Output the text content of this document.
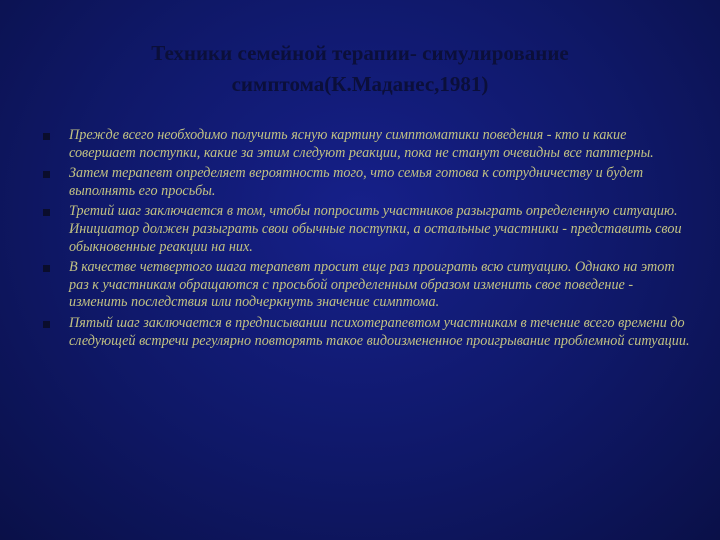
Техники семейной терапии- симулирование
симптома(К.Маданес,1981)
Прежде всего необходимо получить ясную картину симптоматики поведения - кто и какие совершает поступки, какие за этим следуют реакции, пока не станут очевидны все паттерны.
Затем терапевт определяет вероятность того, что семья готова к сотрудничеству и будет выполнять его просьбы.
Третий шаг заключается в том, чтобы попросить участников разыграть определенную ситуацию. Инициатор должен разыграть свои обычные поступки, а остальные участники - представить свои обыкновенные реакции на них.
В качестве четвертого шага терапевт просит еще раз проиграть всю ситуацию. Однако на этот раз к участникам обращаются с просьбой определенным образом изменить свое поведение - изменить последствия или подчеркнуть значение симптома.
Пятый шаг заключается в предписывании психотерапевтом участникам в течение всего времени до следующей встречи регулярно повторять такое видоизмененное проигрывание проблемной ситуации.
